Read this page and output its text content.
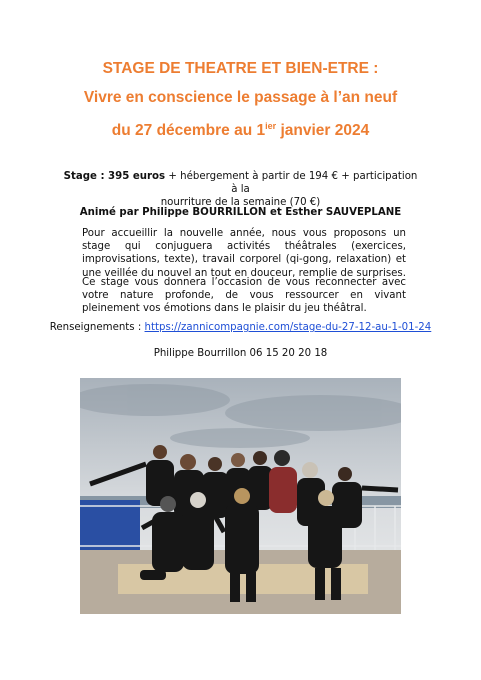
STAGE DE THEATRE ET BIEN-ETRE :
Vivre en conscience le passage à l’an neuf
du 27 décembre au $1^{ier}$ janvier 2024
Stage : 395 euros + hébergement à partir de 194 € + participation à la
nourriture de la semaine (70 €)
Animé par Philippe BOURRILLON et Esther SAUVEPLANE
Pour accueillir la nouvelle année, nous vous proposons un stage qui conjuguera activités théâtrales (exercices, improvisations, texte), travail corporel (qi-gong, relaxation) et une veillée du nouvel an tout en douceur, remplie de surprises.
Ce stage vous donnera l’occasion de vous reconnecter avec votre nature profonde, de vous ressourcer en vivant pleinement vos émotions dans le plaisir du jeu théâtral.
Renseignements : https://zannicompagnie.com/stage-du-27-12-au-1-01-24
Philippe Bourrillon 06 15 20 20 18
